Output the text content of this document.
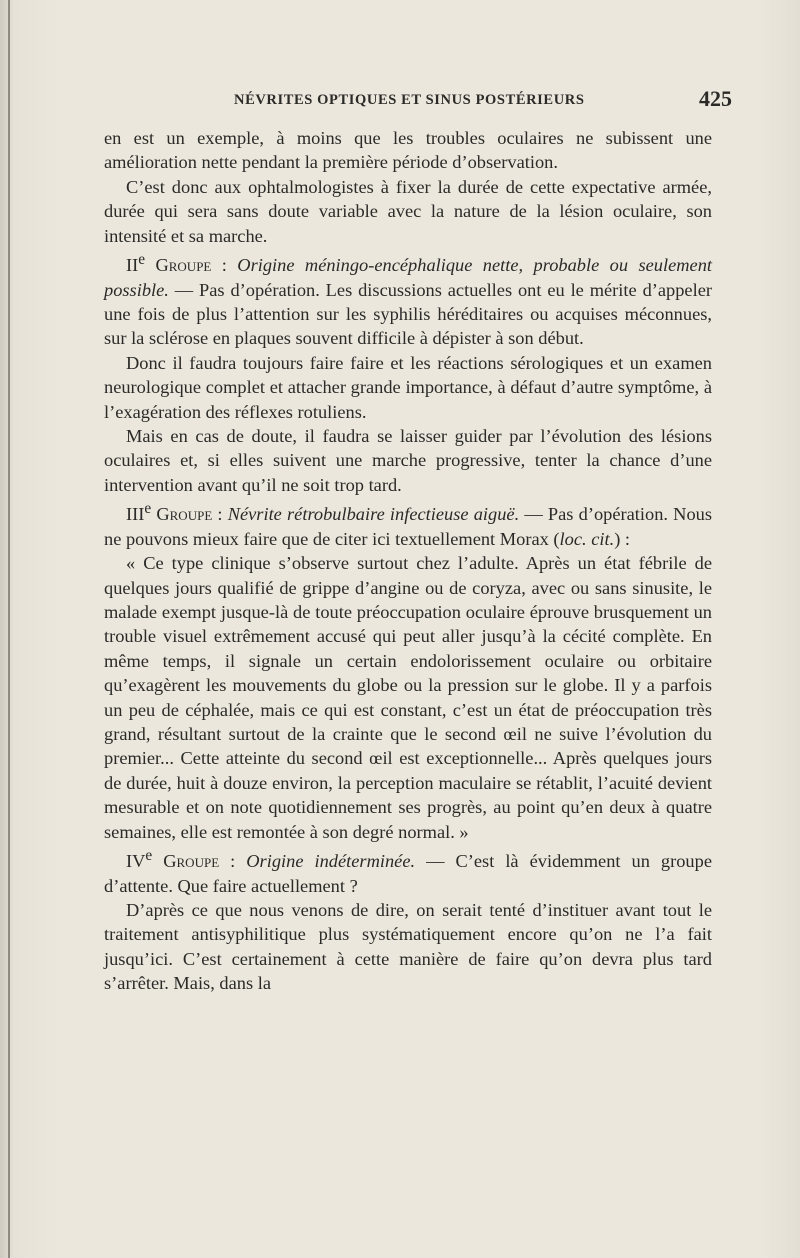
NÉVRITES OPTIQUES ET SINUS POSTÉRIEURS	425

en est un exemple, à moins que les troubles oculaires ne subissent une amélioration nette pendant la première période d’observation.

C’est donc aux ophtalmologistes à fixer la durée de cette expectative armée, durée qui sera sans doute variable avec la nature de la lésion oculaire, son intensité et sa marche.

IIe Groupe : Origine méningo-encéphalique nette, probable ou seulement possible. — Pas d’opération. Les discussions actuelles ont eu le mérite d’appeler une fois de plus l’attention sur les syphilis héréditaires ou acquises méconnues, sur la sclérose en plaques souvent difficile à dépister à son début.

Donc il faudra toujours faire faire et les réactions sérologiques et un examen neurologique complet et attacher grande importance, à défaut d’autre symptôme, à l’exagération des réflexes rotuliens.

Mais en cas de doute, il faudra se laisser guider par l’évolution des lésions oculaires et, si elles suivent une marche progressive, tenter la chance d’une intervention avant qu’il ne soit trop tard.

IIIe Groupe : Névrite rétrobulbaire infectieuse aiguë. — Pas d’opération. Nous ne pouvons mieux faire que de citer ici textuellement Morax (loc. cit.) :

« Ce type clinique s’observe surtout chez l’adulte. Après un état fébrile de quelques jours qualifié de grippe d’angine ou de coryza, avec ou sans sinusite, le malade exempt jusque-là de toute préoccupation oculaire éprouve brusquement un trouble visuel extrêmement accusé qui peut aller jusqu’à la cécité complète. En même temps, il signale un certain endolorissement oculaire ou orbitaire qu’exagèrent les mouvements du globe ou la pression sur le globe. Il y a parfois un peu de céphalée, mais ce qui est constant, c’est un état de préoccupation très grand, résultant surtout de la crainte que le second œil ne suive l’évolution du premier... Cette atteinte du second œil est exceptionnelle... Après quelques jours de durée, huit à douze environ, la perception maculaire se rétablit, l’acuité devient mesurable et on note quotidiennement ses progrès, au point qu’en deux à quatre semaines, elle est remontée à son degré normal. »

IVe Groupe : Origine indéterminée. — C’est là évidemment un groupe d’attente. Que faire actuellement ?

D’après ce que nous venons de dire, on serait tenté d’instituer avant tout le traitement antisyphilitique plus systématiquement encore qu’on ne l’a fait jusqu’ici. C’est certainement à cette manière de faire qu’on devra plus tard s’arrêter. Mais, dans la
